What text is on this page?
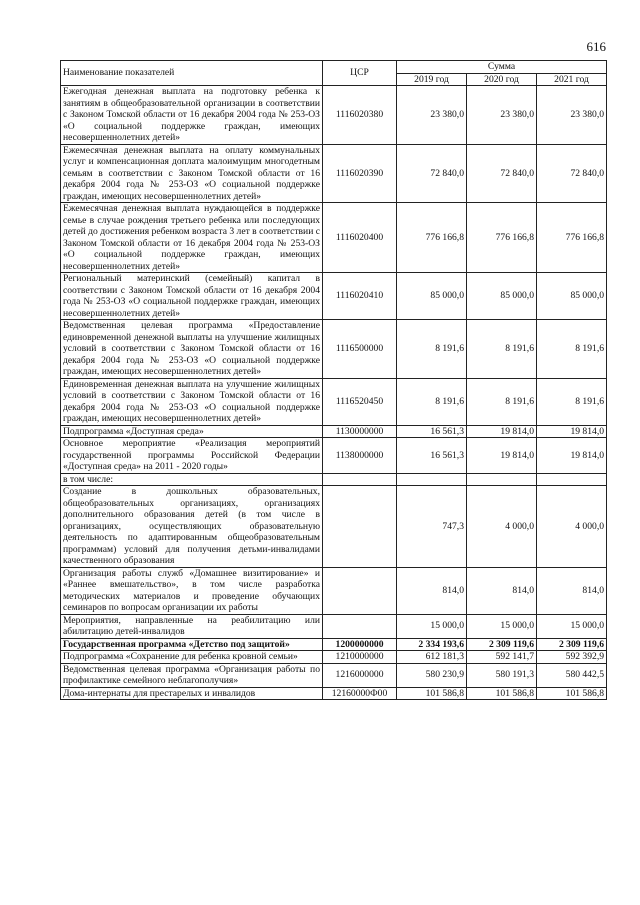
616
Наименование показателей	ЦСР	Сумма		
		2019 год	2020 год	2021 год
Ежегодная денежная выплата на подготовку ребенка к занятиям в общеобразовательной организации в соответствии с Законом Томской области от 16 декабря 2004 года № 253-ОЗ «О социальной поддержке граждан, имеющих несовершеннолетних детей»	1116020380	23 380,0	23 380,0	23 380,0
Ежемесячная денежная выплата на оплату коммунальных услуг и компенсационная доплата малоимущим многодетным семьям в соответствии с Законом Томской области от 16 декабря 2004 года № 253-ОЗ «О социальной поддержке граждан, имеющих несовершеннолетних детей»	1116020390	72 840,0	72 840,0	72 840,0
Ежемесячная денежная выплата нуждающейся в поддержке семье в случае рождения третьего ребенка или последующих детей до достижения ребенком возраста 3 лет в соответствии с Законом Томской области от 16 декабря 2004 года № 253-ОЗ «О социальной поддержке граждан, имеющих несовершеннолетних детей»	1116020400	776 166,8	776 166,8	776 166,8
Региональный материнский (семейный) капитал в соответствии с Законом Томской области от 16 декабря 2004 года № 253-ОЗ «О социальной поддержке граждан, имеющих несовершеннолетних детей»	1116020410	85 000,0	85 000,0	85 000,0
Ведомственная целевая программа «Предоставление единовременной денежной выплаты на улучшение жилищных условий в соответствии с Законом Томской области от 16 декабря 2004 года № 253-ОЗ «О социальной поддержке граждан, имеющих несовершеннолетних детей»	1116500000	8 191,6	8 191,6	8 191,6
Единовременная денежная выплата на улучшение жилищных условий в соответствии с Законом Томской области от 16 декабря 2004 года № 253-ОЗ «О социальной поддержке граждан, имеющих несовершеннолетних детей»	1116520450	8 191,6	8 191,6	8 191,6
Подпрограмма «Доступная среда»	1130000000	16 561,3	19 814,0	19 814,0
Основное мероприятие «Реализация мероприятий государственной программы Российской Федерации «Доступная среда» на 2011 - 2020 годы»	1138000000	16 561,3	19 814,0	19 814,0
в том числе:				
Создание в дошкольных образовательных, общеобразовательных организациях, организациях дополнительного образования детей (в том числе в организациях, осуществляющих образовательную деятельность по адаптированным общеобразовательным программам) условий для получения детьми-инвалидами качественного образования		747,3	4 000,0	4 000,0
Организация работы служб «Домашнее визитирование» и «Раннее вмешательство», в том числе разработка методических материалов и проведение обучающих семинаров по вопросам организации их работы		814,0	814,0	814,0
Мероприятия, направленные на реабилитацию или абилитацию детей-инвалидов		15 000,0	15 000,0	15 000,0
Государственная программа «Детство под защитой»	1200000000	2 334 193,6	2 309 119,6	2 309 119,6
Подпрограмма «Сохранение для ребенка кровной семьи»	1210000000	612 181,3	592 141,7	592 392,9
Ведомственная целевая программа «Организация работы по профилактике семейного неблагополучия»	1216000000	580 230,9	580 191,3	580 442,5
Дома-интернаты для престарелых и инвалидов	12160000Ф00	101 586,8	101 586,8	101 586,8
